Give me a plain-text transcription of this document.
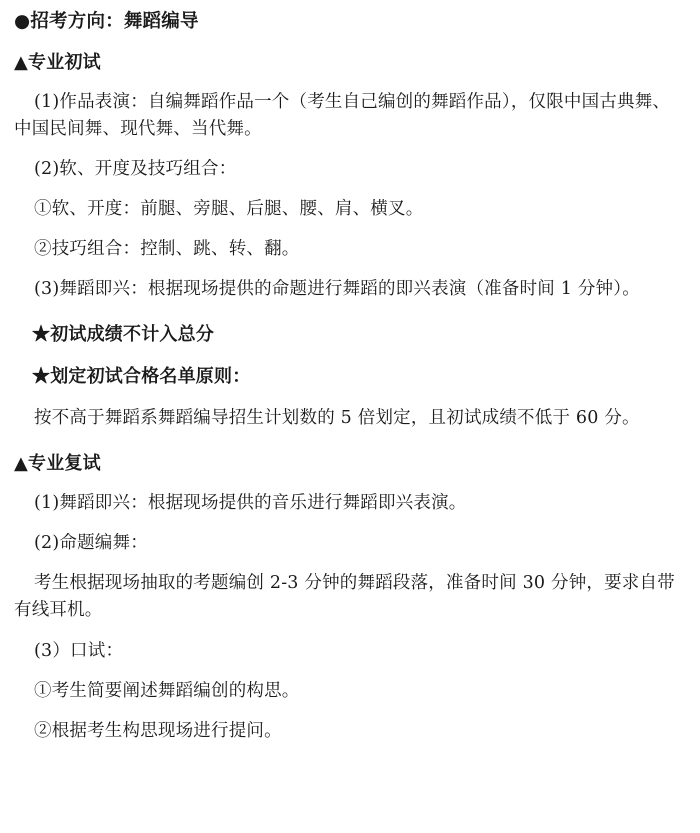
●招考方向：舞蹈编导

▲专业初试

(1)作品表演：自编舞蹈作品一个（考生自己编创的舞蹈作品），仅限中国古典舞、中国民间舞、现代舞、当代舞。

(2)软、开度及技巧组合：

①软、开度：前腿、旁腿、后腿、腰、肩、横叉。

②技巧组合：控制、跳、转、翻。

(3)舞蹈即兴：根据现场提供的命题进行舞蹈的即兴表演（准备时间 1 分钟）。

★初试成绩不计入总分

★划定初试合格名单原则：

按不高于舞蹈系舞蹈编导招生计划数的 5 倍划定，且初试成绩不低于 60 分。

▲专业复试

(1)舞蹈即兴：根据现场提供的音乐进行舞蹈即兴表演。

(2)命题编舞：

考生根据现场抽取的考题编创 2-3 分钟的舞蹈段落，准备时间 30 分钟，要求自带有线耳机。

(3）口试：

①考生简要阐述舞蹈编创的构思。

②根据考生构思现场进行提问。
